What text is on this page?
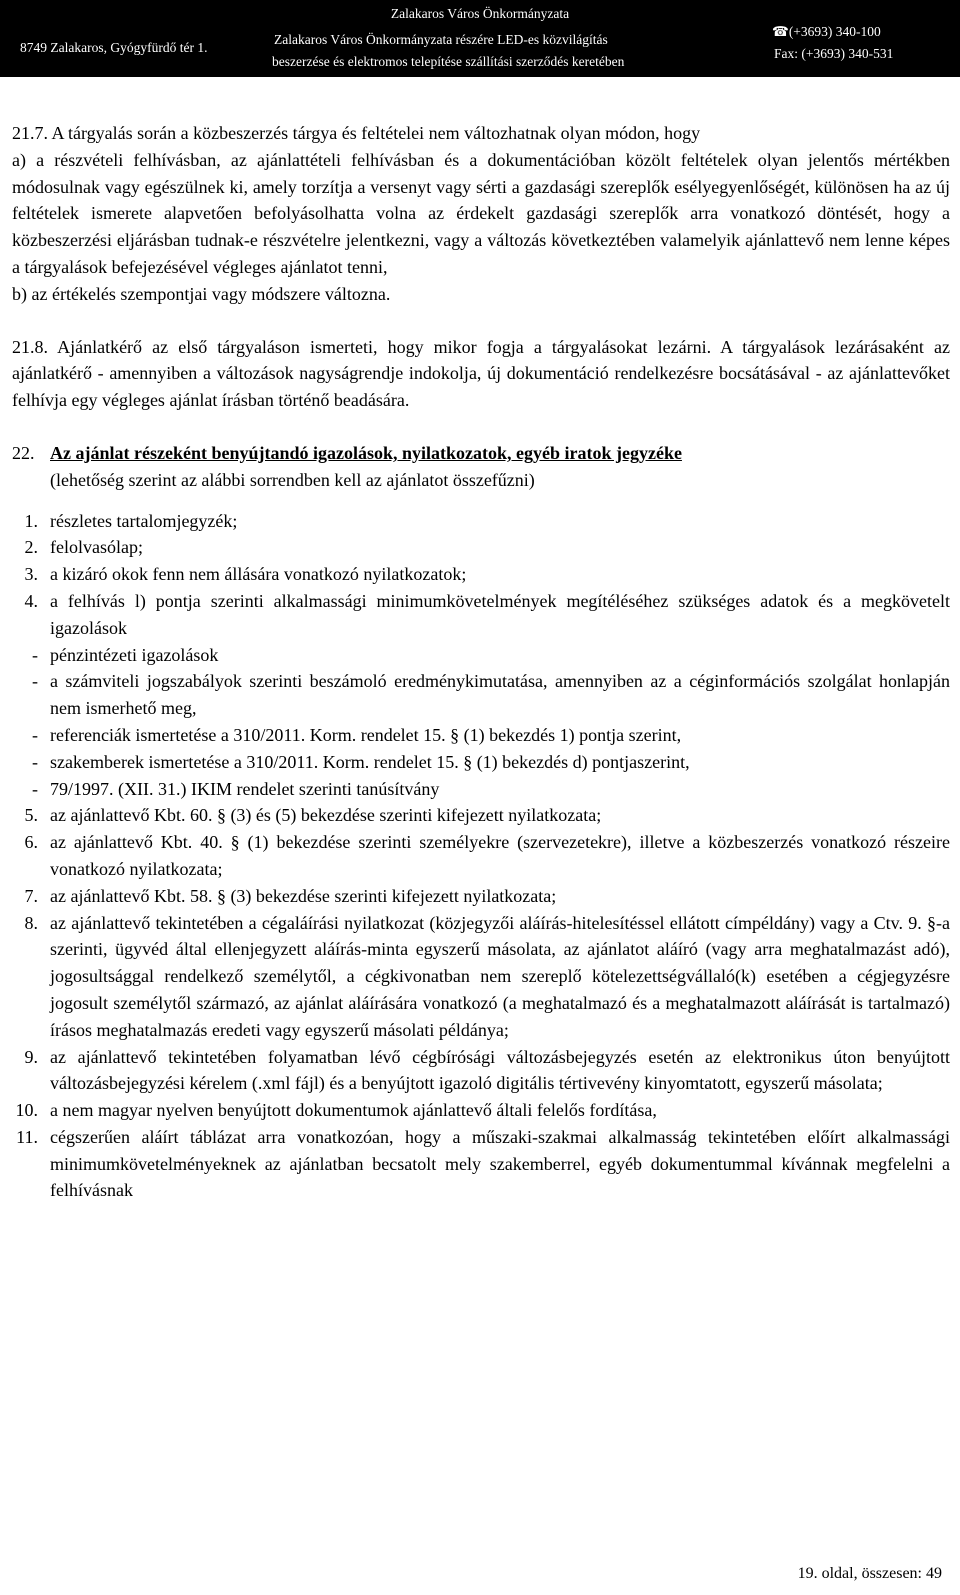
8749 Zalakaros, Gyógyfürdő tér 1.
Zalakaros Város Önkormányzata
Zalakaros Város Önkormányzata részére LED-es közvilágítás
beszerzése és elektromos telepítése szállítási szerződés keretében
☎(+3693) 340-100
Fax: (+3693) 340-531

21.7. A tárgyalás során a közbeszerzés tárgya és feltételei nem változhatnak olyan módon, hogy

a) a részvételi felhívásban, az ajánlattételi felhívásban és a dokumentációban közölt feltételek olyan jelentős mértékben módosulnak vagy egészülnek ki, amely torzítja a versenyt vagy sérti a gazdasági szereplők esélyegyenlőségét, különösen ha az új feltételek ismerete alapvetően befolyásolhatta volna az érdekelt gazdasági szereplők arra vonatkozó döntését, hogy a közbeszerzési eljárásban tudnak-e részvételre jelentkezni, vagy a változás következtében valamelyik ajánlattevő nem lenne képes a tárgyalások befejezésével végleges ajánlatot tenni,

b) az értékelés szempontjai vagy módszere változna.

21.8. Ajánlatkérő az első tárgyaláson ismerteti, hogy mikor fogja a tárgyalásokat lezárni. A tárgyalások lezárásaként az ajánlatkérő - amennyiben a változások nagyságrendje indokolja, új dokumentáció rendelkezésre bocsátásával - az ajánlattevőket felhívja egy végleges ajánlat írásban történő beadására.

22. Az ajánlat részeként benyújtandó igazolások, nyilatkozatok, egyéb iratok jegyzéke
(lehetőség szerint az alábbi sorrendben kell az ajánlatot összefűzni)
1. részletes tartalomjegyzék;
2. felolvasólap;
3. a kizáró okok fenn nem állására vonatkozó nyilatkozatok;
4. a felhívás l) pontja szerinti alkalmassági minimumkövetelmények megítéléséhez szükséges adatok és a megkövetelt igazolások
- pénzintézeti igazolások
- a számviteli jogszabályok szerinti beszámoló eredménykimutatása, amennyiben az a céginformációs szolgálat honlapján nem ismerhető meg,
- referenciák ismertetése a 310/2011. Korm. rendelet 15. § (1) bekezdés 1) pontja szerint,
- szakemberek ismertetése a 310/2011. Korm. rendelet 15. § (1) bekezdés d) pontjaszerint,
- 79/1997. (XII. 31.) IKIM rendelet szerinti tanúsítvány
5. az ajánlattevő Kbt. 60. § (3) és (5) bekezdése szerinti kifejezett nyilatkozata;
6. az ajánlattevő Kbt. 40. § (1) bekezdése szerinti személyekre (szervezetekre), illetve a közbeszerzés vonatkozó részeire vonatkozó nyilatkozata;
7. az ajánlattevő Kbt. 58. § (3) bekezdése szerinti kifejezett nyilatkozata;
8. az ajánlattevő tekintetében a cégaláírási nyilatkozat (közjegyzői aláírás-hitelesítéssel ellátott címpéldány) vagy a Ctv. 9. §-a szerinti, ügyvéd által ellenjegyzett aláírás-minta egyszerű másolata, az ajánlatot aláíró (vagy arra meghatalmazást adó), jogosultsággal rendelkező személytől, a cégkivonatban nem szereplő kötelezettségvállaló(k) esetében a cégjegyzésre jogosult személytől származó, az ajánlat aláírására vonatkozó (a meghatalmazó és a meghatalmazott aláírását is tartalmazó) írásos meghatalmazás eredeti vagy egyszerű másolati példánya;
9. az ajánlattevő tekintetében folyamatban lévő cégbírósági változásbejegyzés esetén az elektronikus úton benyújtott változásbejegyzési kérelem (.xml fájl) és a benyújtott igazoló digitális tértivevény kinyomtatott, egyszerű másolata;
10. a nem magyar nyelven benyújtott dokumentumok ajánlattevő általi felelős fordítása,
11. cégszerűen aláírt táblázat arra vonatkozóan, hogy a műszaki-szakmai alkalmasság tekintetében előírt alkalmassági minimumkövetelményeknek az ajánlatban becsatolt mely szakemberrel, egyéb dokumentummal kívánnak megfelelni a felhívásnak
19. oldal, összesen: 49
